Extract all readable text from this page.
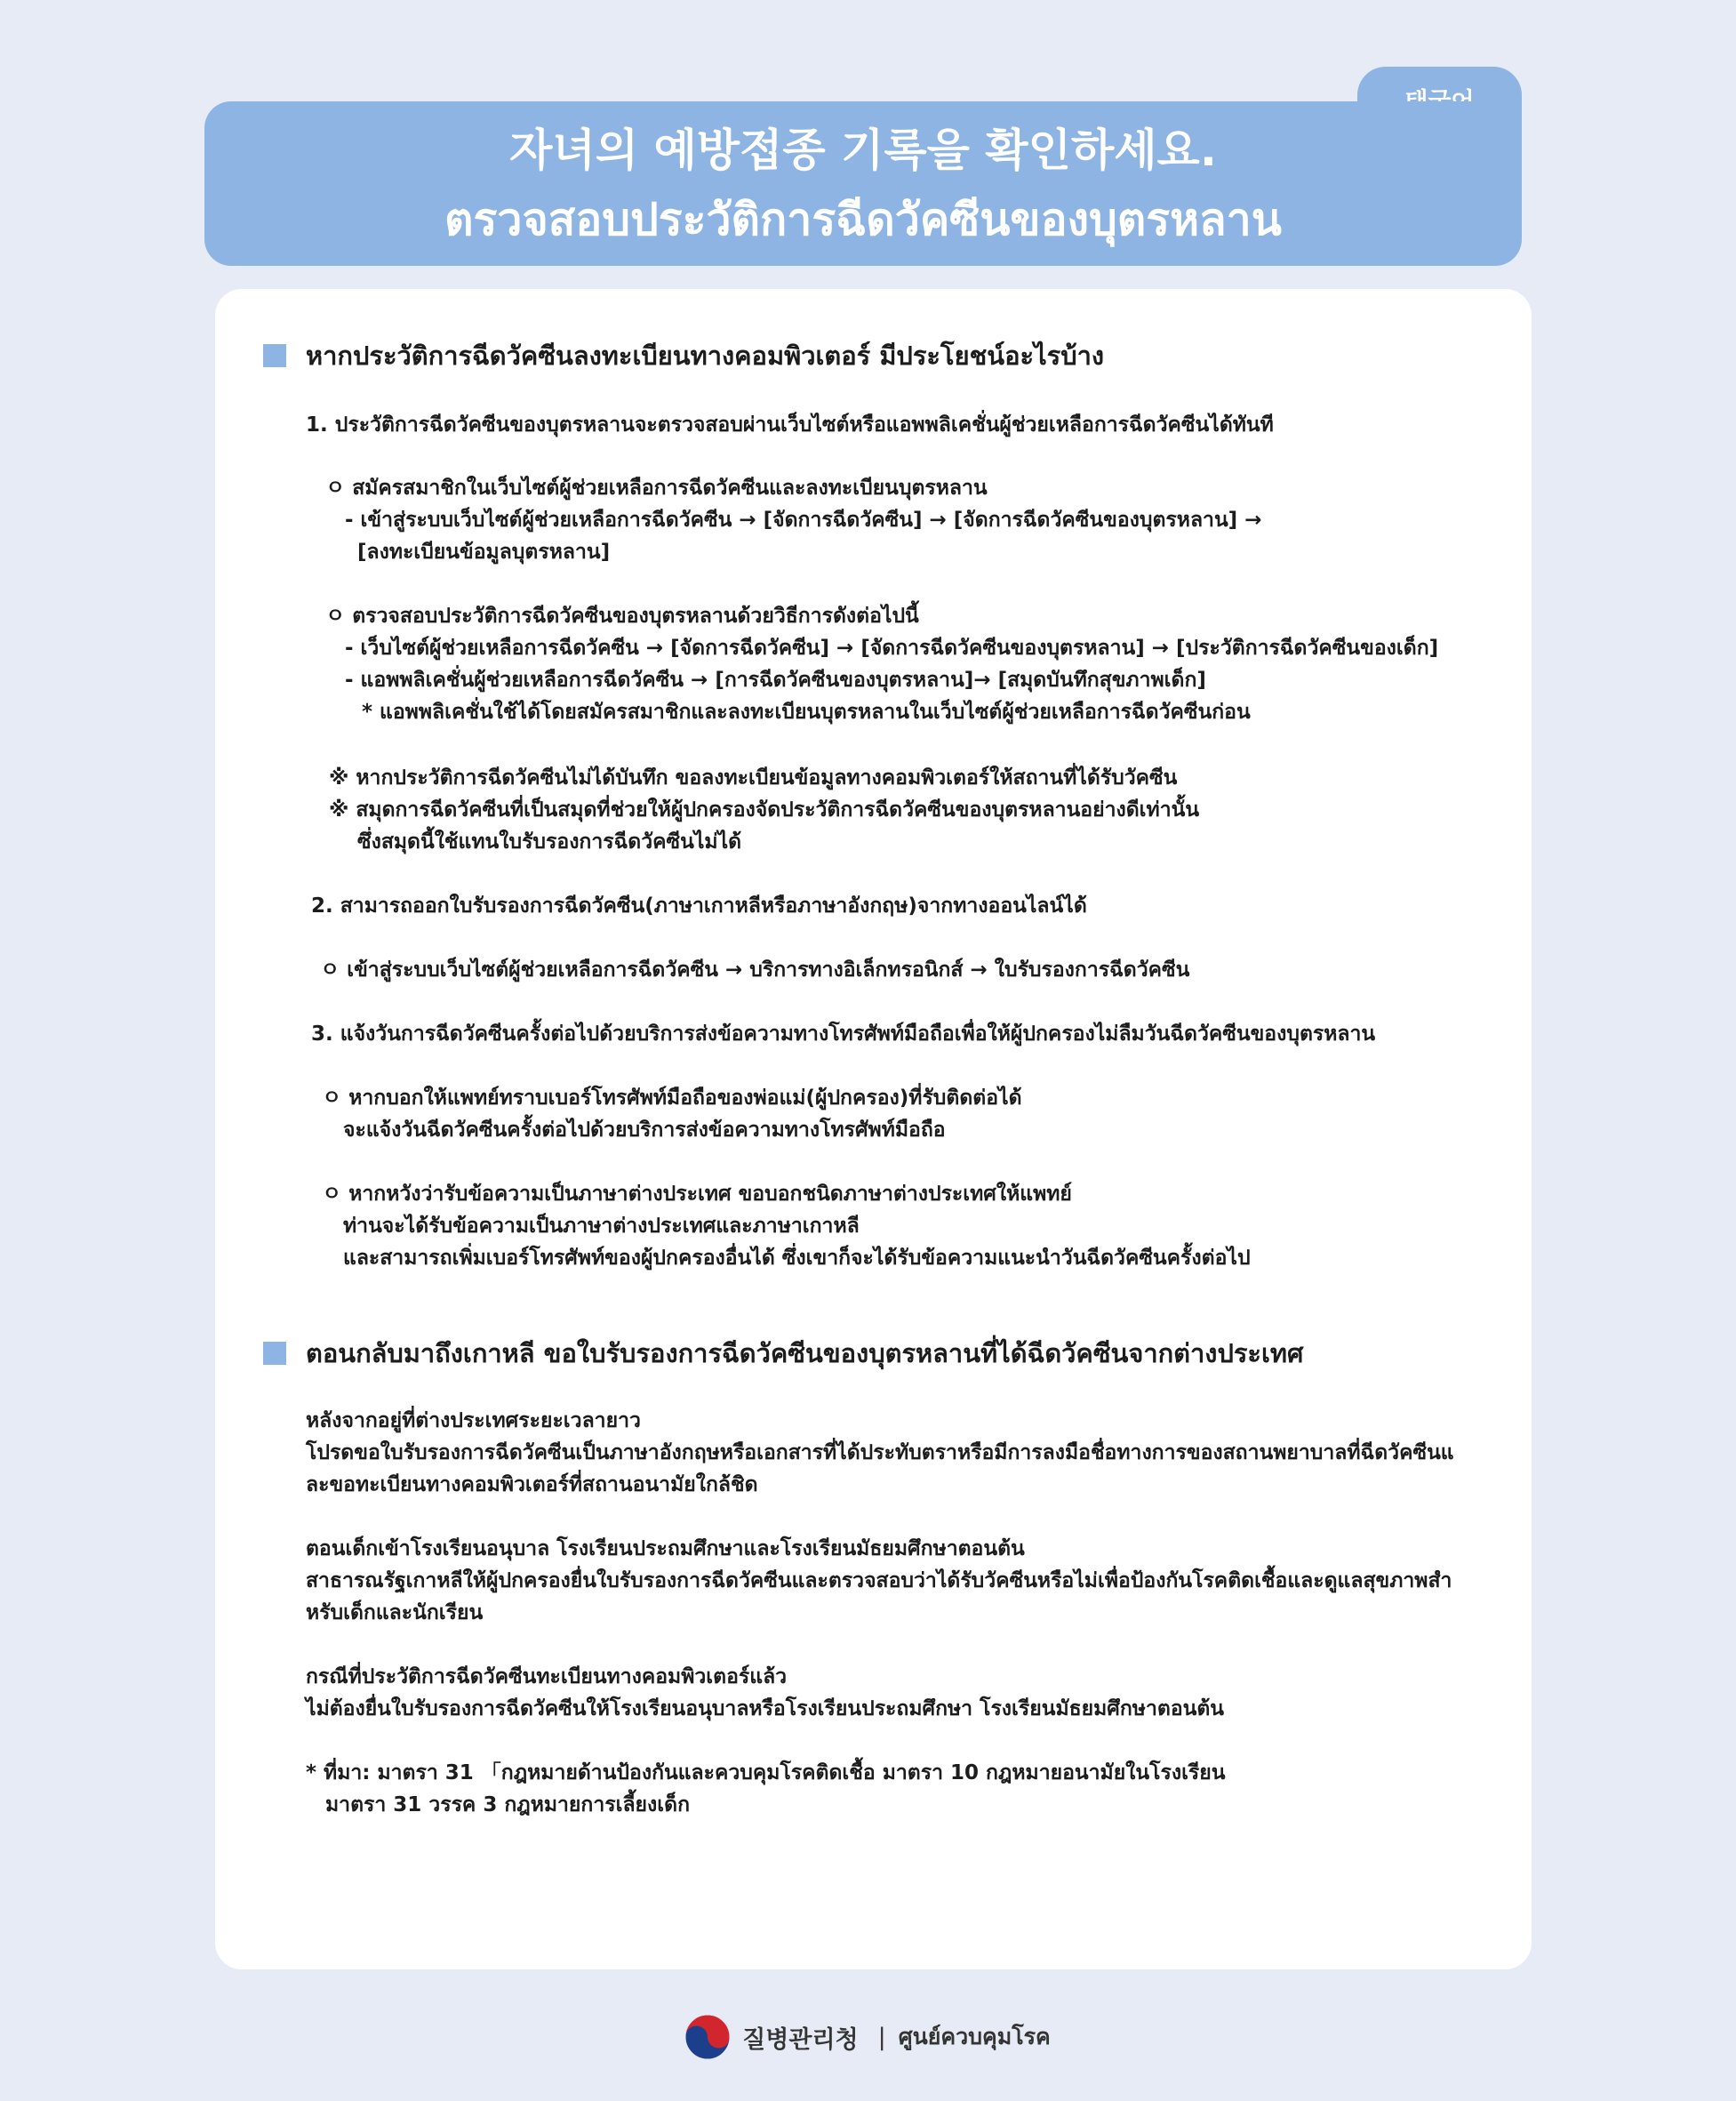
자녀의 예방접종 기록을 확인하세요.
ตรวจสอบประวัติการฉีดวัคซีนของบุตรหลาน
หากประวัติการฉีดวัคซีนลงทะเบียนทางคอมพิวเตอร์ มีประโยชน์อะไรบ้าง
1. ประวัติการฉีดวัคซีนของบุตรหลานจะตรวจสอบผ่านเว็บไซต์หรือแอพพลิเคชั่นผู้ช่วยเหลือการฉีดวัคซีนได้ทันที
ㅇ สมัครสมาชิกในเว็บไซต์ผู้ช่วยเหลือการฉีดวัคซีนและลงทะเบียนบุตรหลาน
- เข้าสู่ระบบเว็บไซต์ผู้ช่วยเหลือการฉีดวัคซีน → [จัดการฉีดวัคซีน] → [จัดการฉีดวัคซีนของบุตรหลาน] →
[ลงทะเบียนข้อมูลบุตรหลาน]
ㅇ ตรวจสอบประวัติการฉีดวัคซีนของบุตรหลานด้วยวิธีการดังต่อไปนี้
- เว็บไซต์ผู้ช่วยเหลือการฉีดวัคซีน → [จัดการฉีดวัคซีน] → [จัดการฉีดวัคซีนของบุตรหลาน] → [ประวัติการฉีดวัคซีนของเด็ก]
- แอพพลิเคชั่นผู้ช่วยเหลือการฉีดวัคซีน → [การฉีดวัคซีนของบุตรหลาน]→ [สมุดบันทึกสุขภาพเด็ก]
* แอพพลิเคชั่นใช้ได้โดยสมัครสมาชิกและลงทะเบียนบุตรหลานในเว็บไซต์ผู้ช่วยเหลือการฉีดวัคซีนก่อน
※ หากประวัติการฉีดวัคซีนไม่ได้บันทึก ขอลงทะเบียนข้อมูลทางคอมพิวเตอร์ให้สถานที่ได้รับวัคซีน
※ สมุดการฉีดวัคซีนที่เป็นสมุดที่ช่วยให้ผู้ปกครองจัดประวัติการฉีดวัคซีนของบุตรหลานอย่างดีเท่านั้น
ซึ่งสมุดนี้ใช้แทนใบรับรองการฉีดวัคซีนไม่ได้
2. สามารถออกใบรับรองการฉีดวัคซีน(ภาษาเกาหลีหรือภาษาอังกฤษ)จากทางออนไลน์ได้
ㅇ เข้าสู่ระบบเว็บไซต์ผู้ช่วยเหลือการฉีดวัคซีน → บริการทางอิเล็กทรอนิกส์ → ใบรับรองการฉีดวัคซีน
3. แจ้งวันการฉีดวัคซีนครั้งต่อไปด้วยบริการส่งข้อความทางโทรศัพท์มือถือเพื่อให้ผู้ปกครองไม่ลืมวันฉีดวัคซีนของบุตรหลาน
ㅇ หากบอกให้แพทย์ทราบเบอร์โทรศัพท์มือถือของพ่อแม่(ผู้ปกครอง)ที่รับติดต่อได้
จะแจ้งวันฉีดวัคซีนครั้งต่อไปด้วยบริการส่งข้อความทางโทรศัพท์มือถือ
ㅇ หากหวังว่ารับข้อความเป็นภาษาต่างประเทศ ขอบอกชนิดภาษาต่างประเทศให้แพทย์
ท่านจะได้รับข้อความเป็นภาษาต่างประเทศและภาษาเกาหลี
และสามารถเพิ่มเบอร์โทรศัพท์ของผู้ปกครองอื่นได้ ซึ่งเขาก็จะได้รับข้อความแนะนำวันฉีดวัคซีนครั้งต่อไป
ตอนกลับมาถึงเกาหลี ขอใบรับรองการฉีดวัคซีนของบุตรหลานที่ได้ฉีดวัคซีนจากต่างประเทศ
หลังจากอยู่ที่ต่างประเทศระยะเวลายาว
โปรดขอใบรับรองการฉีดวัคซีนเป็นภาษาอังกฤษหรือเอกสารที่ได้ประทับตราหรือมีการลงมือชื่อทางการของสถานพยาบาลที่ฉีดวัคซีนแ
ละขอทะเบียนทางคอมพิวเตอร์ที่สถานอนามัยใกล้ชิด
ตอนเด็กเข้าโรงเรียนอนุบาล โรงเรียนประถมศึกษาและโรงเรียนมัธยมศึกษาตอนต้น
สาธารณรัฐเกาหลีให้ผู้ปกครองยื่นใบรับรองการฉีดวัคซีนและตรวจสอบว่าได้รับวัคซีนหรือไม่เพื่อป้องกันโรคติดเชื้อและดูแลสุขภาพสำ
หรับเด็กและนักเรียน
กรณีที่ประวัติการฉีดวัคซีนทะเบียนทางคอมพิวเตอร์แล้ว
ไม่ต้องยื่นใบรับรองการฉีดวัคซีนให้โรงเรียนอนุบาลหรือโรงเรียนประถมศึกษา โรงเรียนมัธยมศึกษาตอนต้น
* ที่มา: มาตรา 31 「กฎหมายด้านป้องกันและควบคุมโรคติดเชื้อ มาตรา 10 กฎหมายอนามัยในโรงเรียน
มาตรา 31 วรรค 3 กฎหมายการเลี้ยงเด็ก
질병관리청 | ศูนย์ควบคุมโรค
